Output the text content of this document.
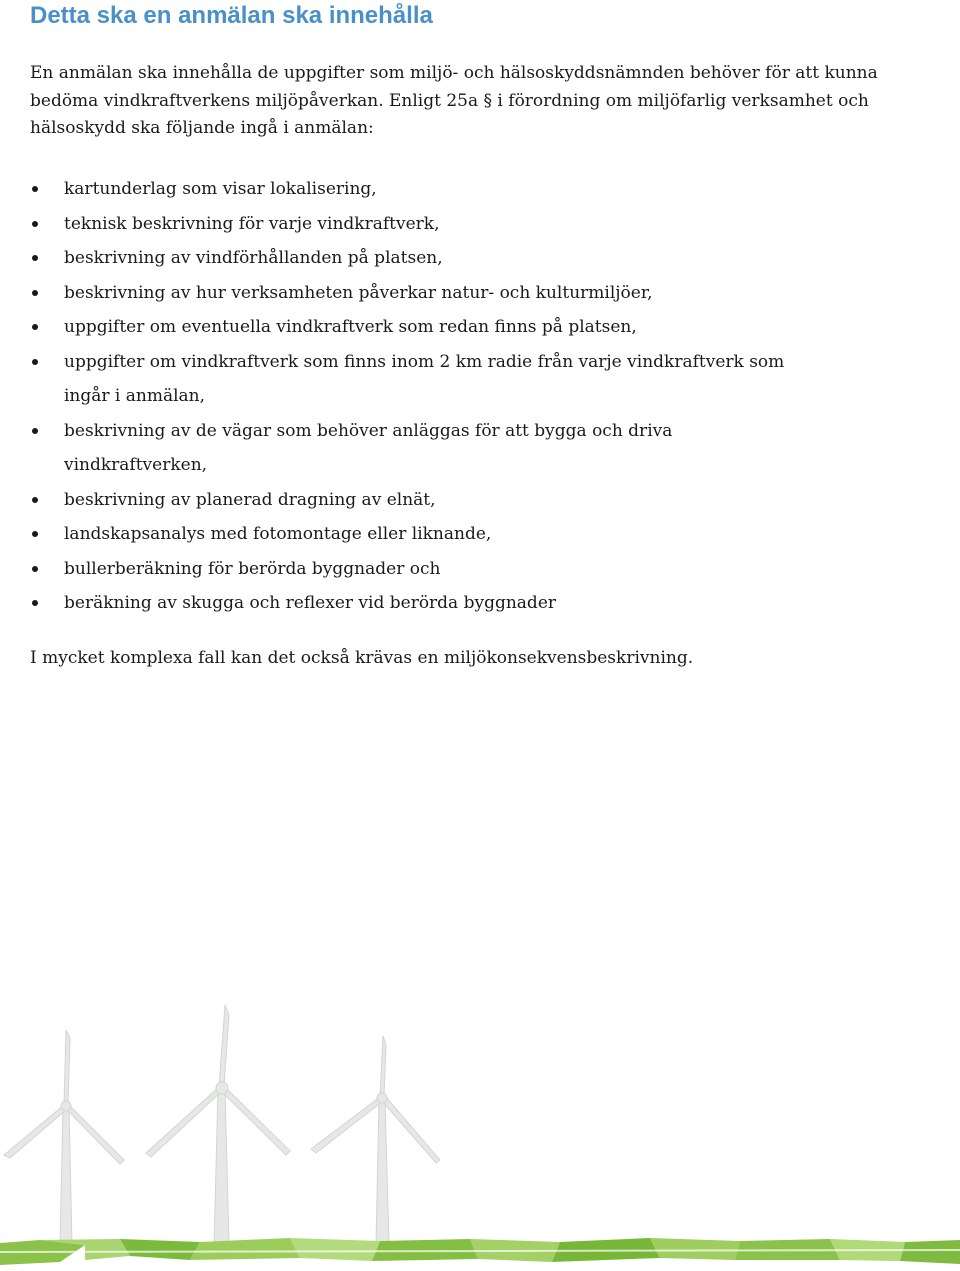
Detta ska en anmälan ska innehålla

En anmälan ska innehålla de uppgifter som miljö- och hälsoskyddsnämnden behöver för att kunna bedöma vindkraftverkens miljöpåverkan. Enligt 25a § i förordning om miljöfarlig verksamhet och hälsoskydd ska följande ingå i anmälan:

kartunderlag som visar lokalisering,
teknisk beskrivning för varje vindkraftverk,
beskrivning av vindförhållanden på platsen,
beskrivning av hur verksamheten påverkar natur- och kulturmiljöer,
uppgifter om eventuella vindkraftverk som redan finns på platsen,
uppgifter om vindkraftverk som finns inom 2 km radie från varje vindkraftverk som ingår i anmälan,
beskrivning av de vägar som behöver anläggas för att bygga och driva vindkraftverken,
beskrivning av planerad dragning av elnät,
landskapsanalys med fotomontage eller liknande,
bullerberäkning för berörda byggnader och
beräkning av skugga och reflexer vid berörda byggnader

I mycket komplexa fall kan det också krävas en miljökonsekvensbeskrivning.
